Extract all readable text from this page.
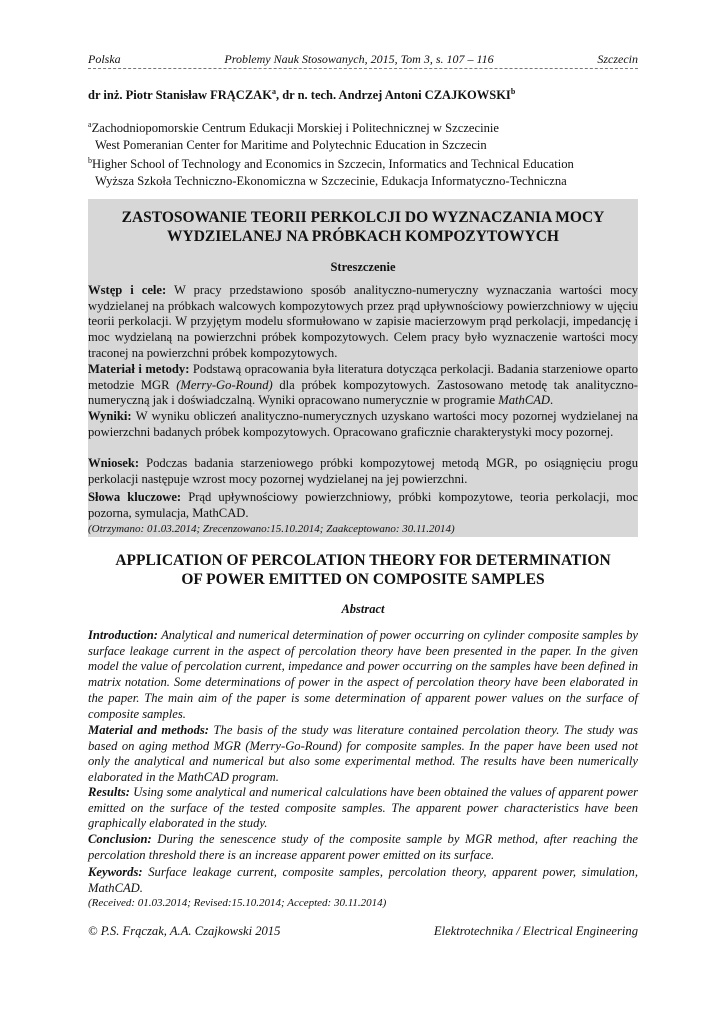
Polska	Problemy Nauk Stosowanych, 2015, Tom 3, s. 107 – 116	Szczecin
dr inż. Piotr Stanisław FRĄCZAK$^a$, dr n. tech. Andrzej Antoni CZAJKOWSKI$^b$
$^a$Zachodniopomorskie Centrum Edukacji Morskiej i Politechnicznej w Szczecinie
West Pomeranian Center for Maritime and Polytechnic Education in Szczecin
$^b$Higher School of Technology and Economics in Szczecin, Informatics and Technical Education
Wyższa Szkoła Techniczno-Ekonomiczna w Szczecinie, Edukacja Informatyczno-Techniczna
ZASTOSOWANIE TEORII PERKOLCJI DO WYZNACZANIA MOCY
WYDZIELANEJ NA PRÓBKACH KOMPOZYTOWYCH
Streszczenie
Wstęp i cele: W pracy przedstawiono sposób analityczno-numeryczny wyznaczania wartości mocy wydzielanej na próbkach walcowych kompozytowych przez prąd upływnościowy powierzchniowy w ujęciu teorii perkolacji. W przyjętym modelu sformułowano w zapisie macierzowym prąd perkolacji, impedancję i moc wydzielaną na powierzchni próbek kompozytowych. Celem pracy było wyznaczenie wartości mocy traconej na powierzchni próbek kompozytowych.
Materiał i metody: Podstawą opracowania była literatura dotycząca perkolacji. Badania starzeniowe oparto metodzie MGR (Merry-Go-Round) dla próbek kompozytowych. Zastosowano metodę tak analityczno-numeryczną jak i doświadczalną. Wyniki opracowano numerycznie w programie MathCAD.
Wyniki: W wyniku obliczeń analityczno-numerycznych uzyskano wartości mocy pozornej wydzielanej na powierzchni badanych próbek kompozytowych. Opracowano graficznie charakterystyki mocy pozornej.
Wniosek: Podczas badania starzeniowego próbki kompozytowej metodą MGR, po osiągnięciu progu perkolacji następuje wzrost mocy pozornej wydzielanej na jej powierzchni.
Słowa kluczowe: Prąd upływnościowy powierzchniowy, próbki kompozytowe, teoria perkolacji, moc pozorna, symulacja, MathCAD.
(Otrzymano: 01.03.2014; Zrecenzowano:15.10.2014; Zaakceptowano: 30.11.2014)
APPLICATION OF PERCOLATION THEORY FOR DETERMINATION
OF POWER EMITTED ON COMPOSITE SAMPLES
Abstract
Introduction: Analytical and numerical determination of power occurring on cylinder composite samples by surface leakage current in the aspect of percolation theory have been presented in the paper. In the given model the value of percolation current, impedance and power occurring on the samples have been defined in matrix notation. Some determinations of power in the aspect of percolation theory have been elaborated in the paper. The main aim of the paper is some determination of apparent power values on the surface of composite samples.
Material and methods: The basis of the study was literature contained percolation theory. The study was based on aging method MGR (Merry-Go-Round) for composite samples. In the paper have been used not only the analytical and numerical but also some experimental method. The results have been numerically elaborated in the MathCAD program.
Results: Using some analytical and numerical calculations have been obtained the values of apparent power emitted on the surface of the tested composite samples. The apparent power characteristics have been graphically elaborated in the study.
Conclusion: During the senescence study of the composite sample by MGR method, after reaching the percolation threshold there is an increase apparent power emitted on its surface.
Keywords: Surface leakage current, composite samples, percolation theory, apparent power, simulation, MathCAD.
(Received: 01.03.2014; Revised:15.10.2014; Accepted: 30.11.2014)
© P.S. Frączak, A.A. Czajkowski 2015	Elektrotechnika / Electrical Engineering
